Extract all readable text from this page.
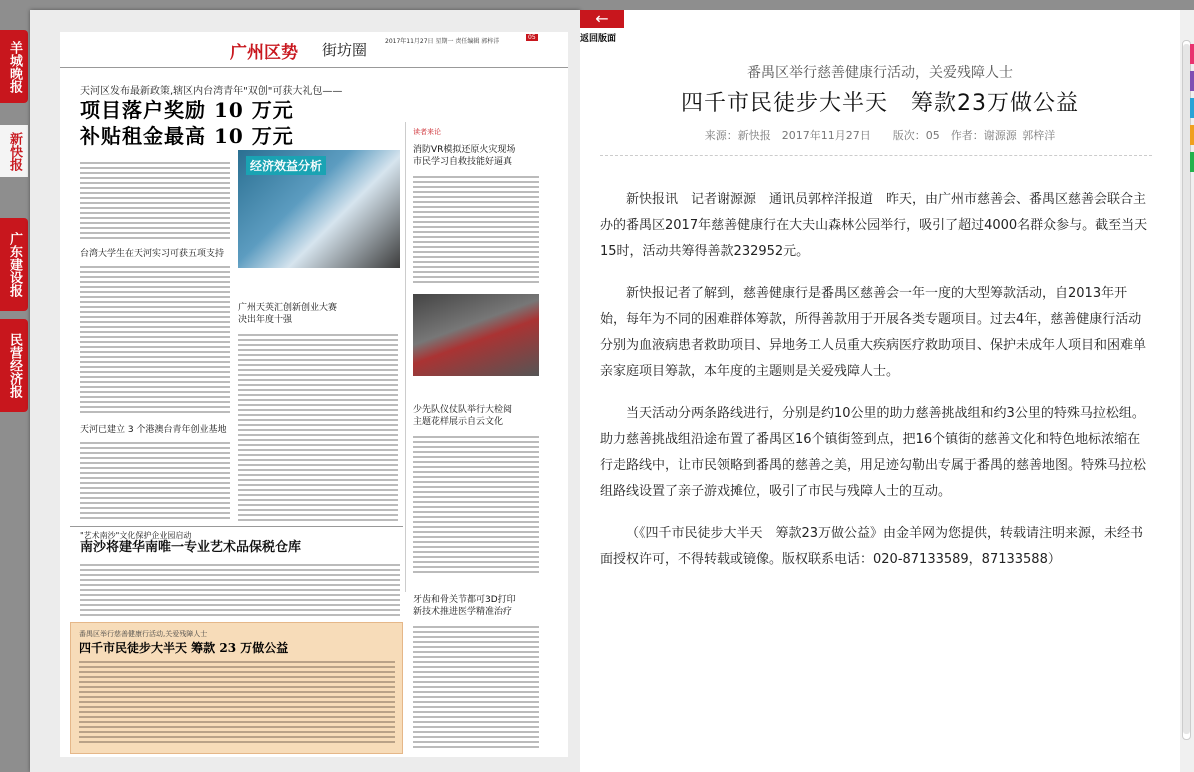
羊城晚报
新快报
广东建设报
民营经济报
广州区势 街坊圈	2017年11月27日 星期一 责任编辑 郭梓洋
05
天河区发布最新政策,辖区内台湾青年"双创"可获大礼包——
项目落户奖励 10 万元
补贴租金最高 10 万元
台湾大学生在天河实习可获五项支持
天河已建立 3 个港澳台青年创业基地
经济效益分析
广州天英汇创新创业大赛
决出年度十强
读者来论
消防VR模拟还原火灾现场
市民学习自救技能好逼真
少先队仪仗队举行大检阅
主题花样展示自云文化
牙齿和骨关节都可3D打印
新技术推进医学精准治疗
"艺术南沙"文化保护企业园启动
南沙将建华南唯一专业艺术品保税仓库
番禺区举行慈善健康行活动,关爱残障人士
四千市民徒步大半天 筹款 23 万做公益
←
返回版面
番禺区举行慈善健康行活动，关爱残障人士
四千市民徒步大半天　筹款23万做公益
来源：新快报　2017年11月27日　　版次：05　作者：谢源源 郭梓洋

新快报讯　记者谢源源　通讯员郭梓洋报道　昨天，由广州市慈善会、番禺区慈善会联合主办的番禺区2017年慈善健康行在大夫山森林公园举行，吸引了超过4000名群众参与。截至当天15时，活动共筹得善款232952元。

新快报记者了解到，慈善健康行是番禺区慈善会一年一度的大型筹款活动，自2013年开始，每年为不同的困难群体筹款，所得善款用于开展各类专题项目。过去4年，慈善健康行活动分别为血液病患者救助项目、异地务工人员重大疾病医疗救助项目、保护未成年人项目和困难单亲家庭项目筹款，本年度的主题则是关爱残障人士。

当天活动分两条路线进行，分别是约10公里的助力慈善挑战组和约3公里的特殊马拉松组。助力慈善挑战组沿途布置了番禺区16个镇街签到点，把16个镇街的慈善文化和特色地标浓缩在行走路线中，让市民领略到番禺的慈善之美，用足迹勾勒出专属于番禺的慈善地图。特殊马拉松组路线设置了亲子游戏摊位，吸引了市民与残障人士的互动。

（《四千市民徒步大半天　筹款23万做公益》由金羊网为您提供，转载请注明来源，未经书面授权许可，不得转载或镜像。版权联系电话：020-87133589，87133588）
